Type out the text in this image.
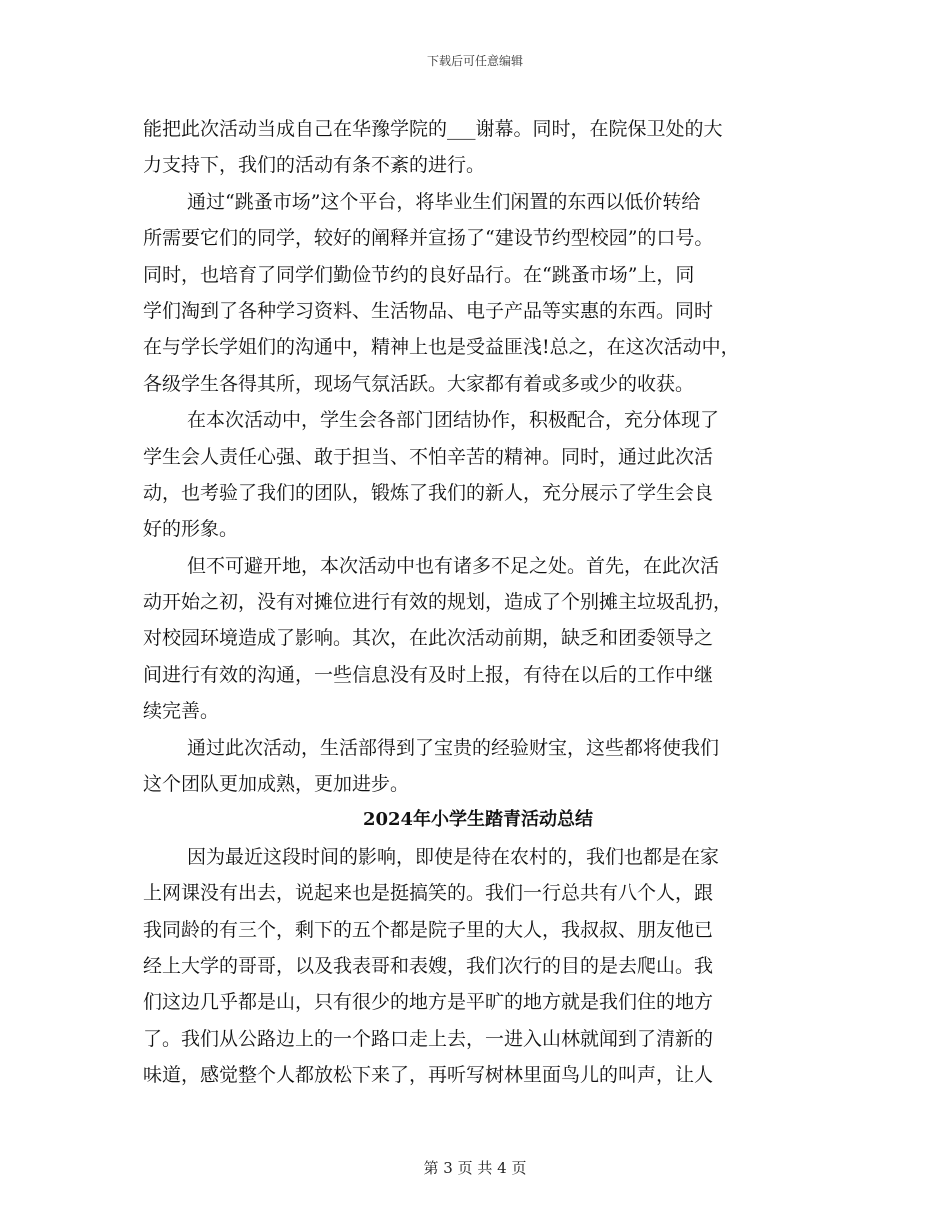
下载后可任意编辑
能把此次活动当成自己在华豫学院的___谢幕。同时，在院保卫处的大
力支持下，我们的活动有条不紊的进行。
通过“跳蚤市场”这个平台，将毕业生们闲置的东西以低价转给
所需要它们的同学，较好的阐释并宣扬了“建设节约型校园”的口号。
同时，也培育了同学们勤俭节约的良好品行。在“跳蚤市场”上，同
学们淘到了各种学习资料、生活物品、电子产品等实惠的东西。同时
在与学长学姐们的沟通中，精神上也是受益匪浅!总之，在这次活动中，
各级学生各得其所，现场气氛活跃。大家都有着或多或少的收获。
在本次活动中，学生会各部门团结协作，积极配合，充分体现了
学生会人责任心强、敢于担当、不怕辛苦的精神。同时，通过此次活
动，也考验了我们的团队，锻炼了我们的新人，充分展示了学生会良
好的形象。
但不可避开地，本次活动中也有诸多不足之处。首先，在此次活
动开始之初，没有对摊位进行有效的规划，造成了个别摊主垃圾乱扔，
对校园环境造成了影响。其次，在此次活动前期，缺乏和团委领导之
间进行有效的沟通，一些信息没有及时上报，有待在以后的工作中继
续完善。
通过此次活动，生活部得到了宝贵的经验财宝，这些都将使我们
这个团队更加成熟，更加进步。
2024年小学生踏青活动总结
因为最近这段时间的影响，即使是待在农村的，我们也都是在家
上网课没有出去，说起来也是挺搞笑的。我们一行总共有八个人，跟
我同龄的有三个，剩下的五个都是院子里的大人，我叔叔、朋友他已
经上大学的哥哥，以及我表哥和表嫂，我们次行的目的是去爬山。我
们这边几乎都是山，只有很少的地方是平旷的地方就是我们住的地方
了。我们从公路边上的一个路口走上去，一进入山林就闻到了清新的
味道，感觉整个人都放松下来了，再听写树林里面鸟儿的叫声，让人
第 3 页 共 4 页
